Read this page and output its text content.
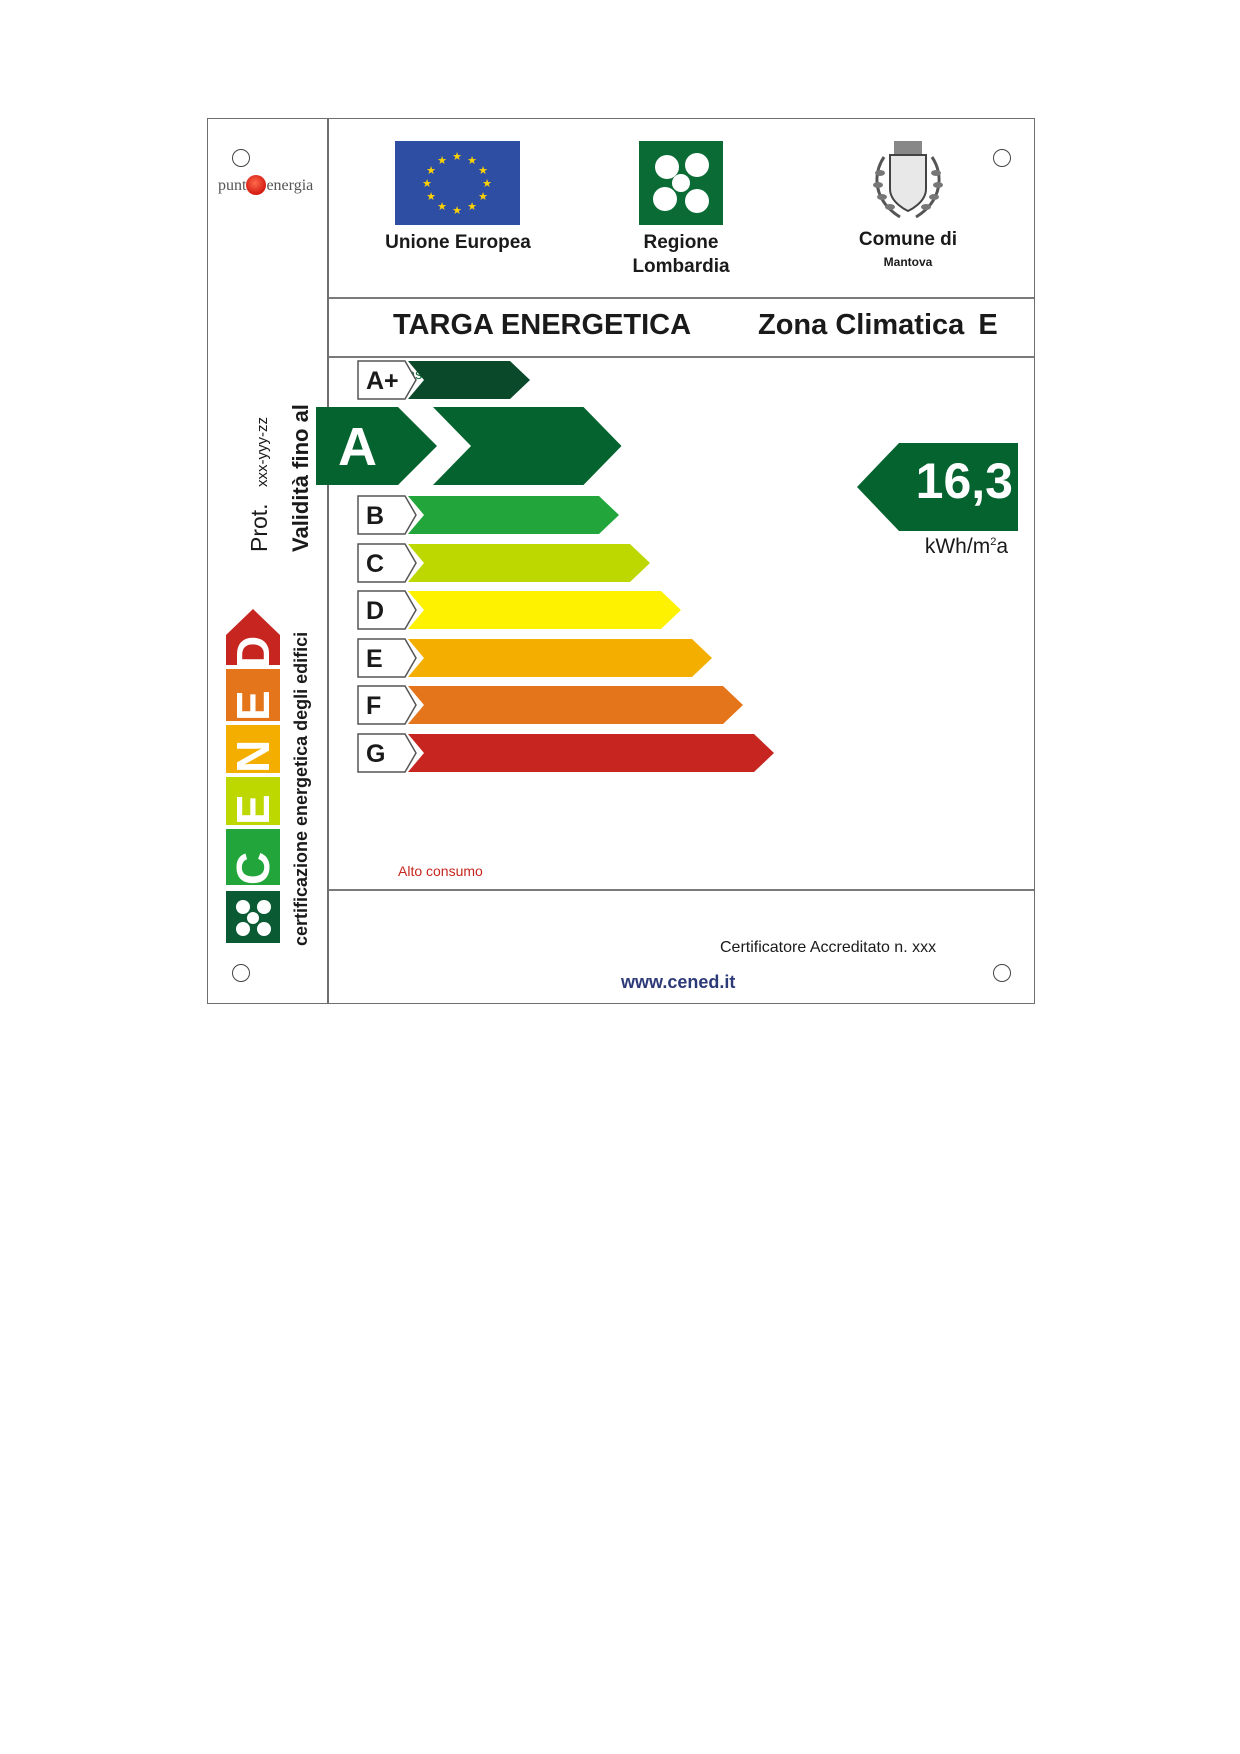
punt energia
Prot. xxx-yyy-zz Validità fino al
certificazione energetica degli edifici
D
E
N
E
C
★ ★
★
★
★
★
★
★
★
★
★
★
Unione Europea	Regione
Lombardia
Comune di
Mantova
TARGA ENERGETICA Zona Climatica E
Basso
Alto consumo
A+
A
B
C
D
E
F
G
16,3
kWh/$m^2a$
Certificatore Accreditato n. xxx
www.cened.it
